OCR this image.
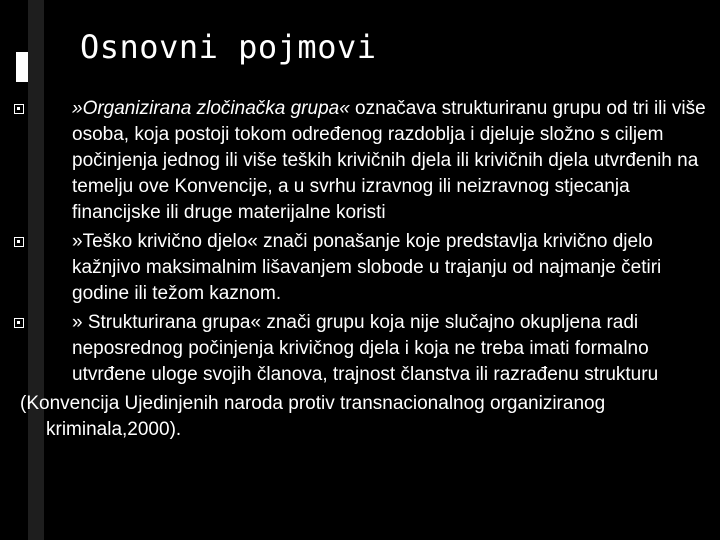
Osnovni pojmovi

»Organizirana zločinačka grupa« označava strukturiranu grupu od tri ili više osoba, koja postoji tokom određenog razdoblja i djeluje složno s ciljem počinjenja jednog ili više teških krivičnih djela ili krivičnih djela utvrđenih na temelju ove Konvencije, a u svrhu izravnog ili neizravnog stjecanja financijske ili druge materijalne koristi

»Teško krivično djelo« znači ponašanje koje predstavlja krivično djelo kažnjivo maksimalnim lišavanjem slobode u trajanju od najmanje četiri godine ili težom kaznom.

» Strukturirana grupa« znači grupu koja nije slučajno okupljena radi neposrednog počinjenja krivičnog djela i koja ne treba imati formalno utvrđene uloge svojih članova, trajnost članstva ili razrađenu strukturu

(Konvencija Ujedinjenih naroda protiv transnacionalnog organiziranog kriminala,2000).
